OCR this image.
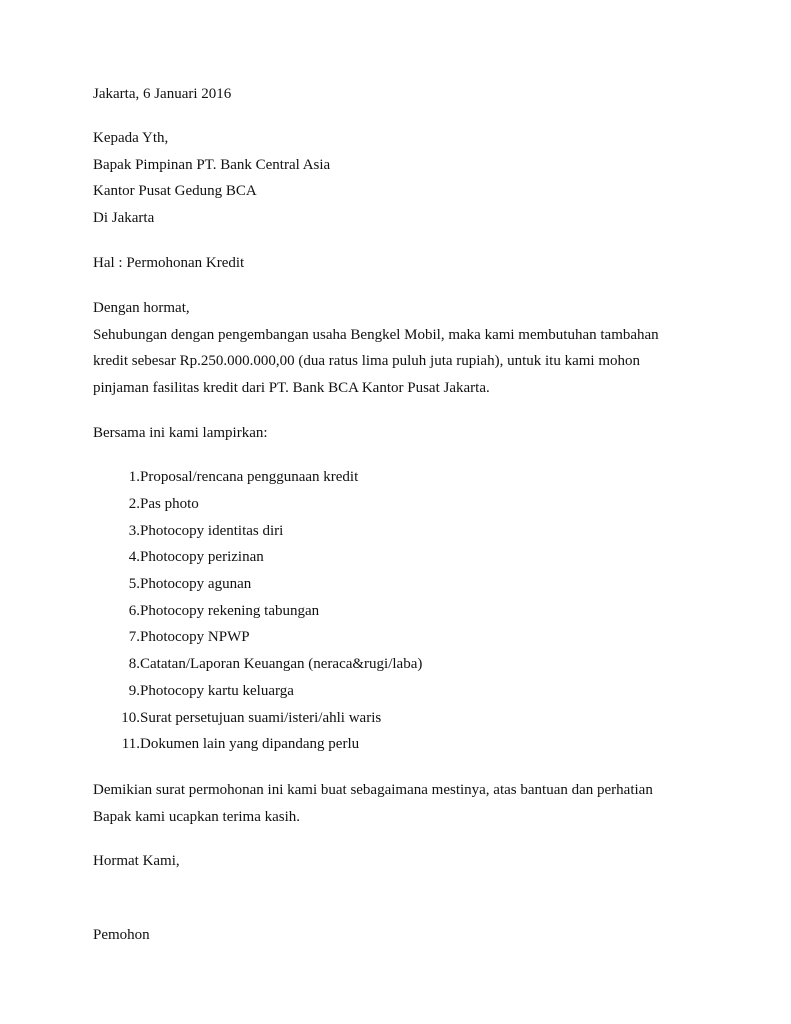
Jakarta, 6 Januari 2016
Kepada Yth,
Bapak Pimpinan PT. Bank Central Asia
Kantor Pusat Gedung BCA
Di Jakarta
Hal : Permohonan Kredit
Dengan hormat,
Sehubungan dengan pengembangan usaha Bengkel Mobil, maka kami membutuhan tambahan
kredit sebesar Rp.250.000.000,00 (dua ratus lima puluh juta rupiah), untuk itu kami mohon
pinjaman fasilitas kredit dari PT. Bank BCA Kantor Pusat Jakarta.
Bersama ini kami lampirkan:
1. Proposal/rencana penggunaan kredit
2. Pas photo
3. Photocopy identitas diri
4. Photocopy perizinan
5. Photocopy agunan
6. Photocopy rekening tabungan
7. Photocopy NPWP
8. Catatan/Laporan Keuangan (neraca&rugi/laba)
9. Photocopy kartu keluarga
10. Surat persetujuan suami/isteri/ahli waris
11. Dokumen lain yang dipandang perlu
Demikian surat permohonan ini kami buat sebagaimana mestinya, atas bantuan dan perhatian
Bapak kami ucapkan terima kasih.
Hormat Kami,
Pemohon
